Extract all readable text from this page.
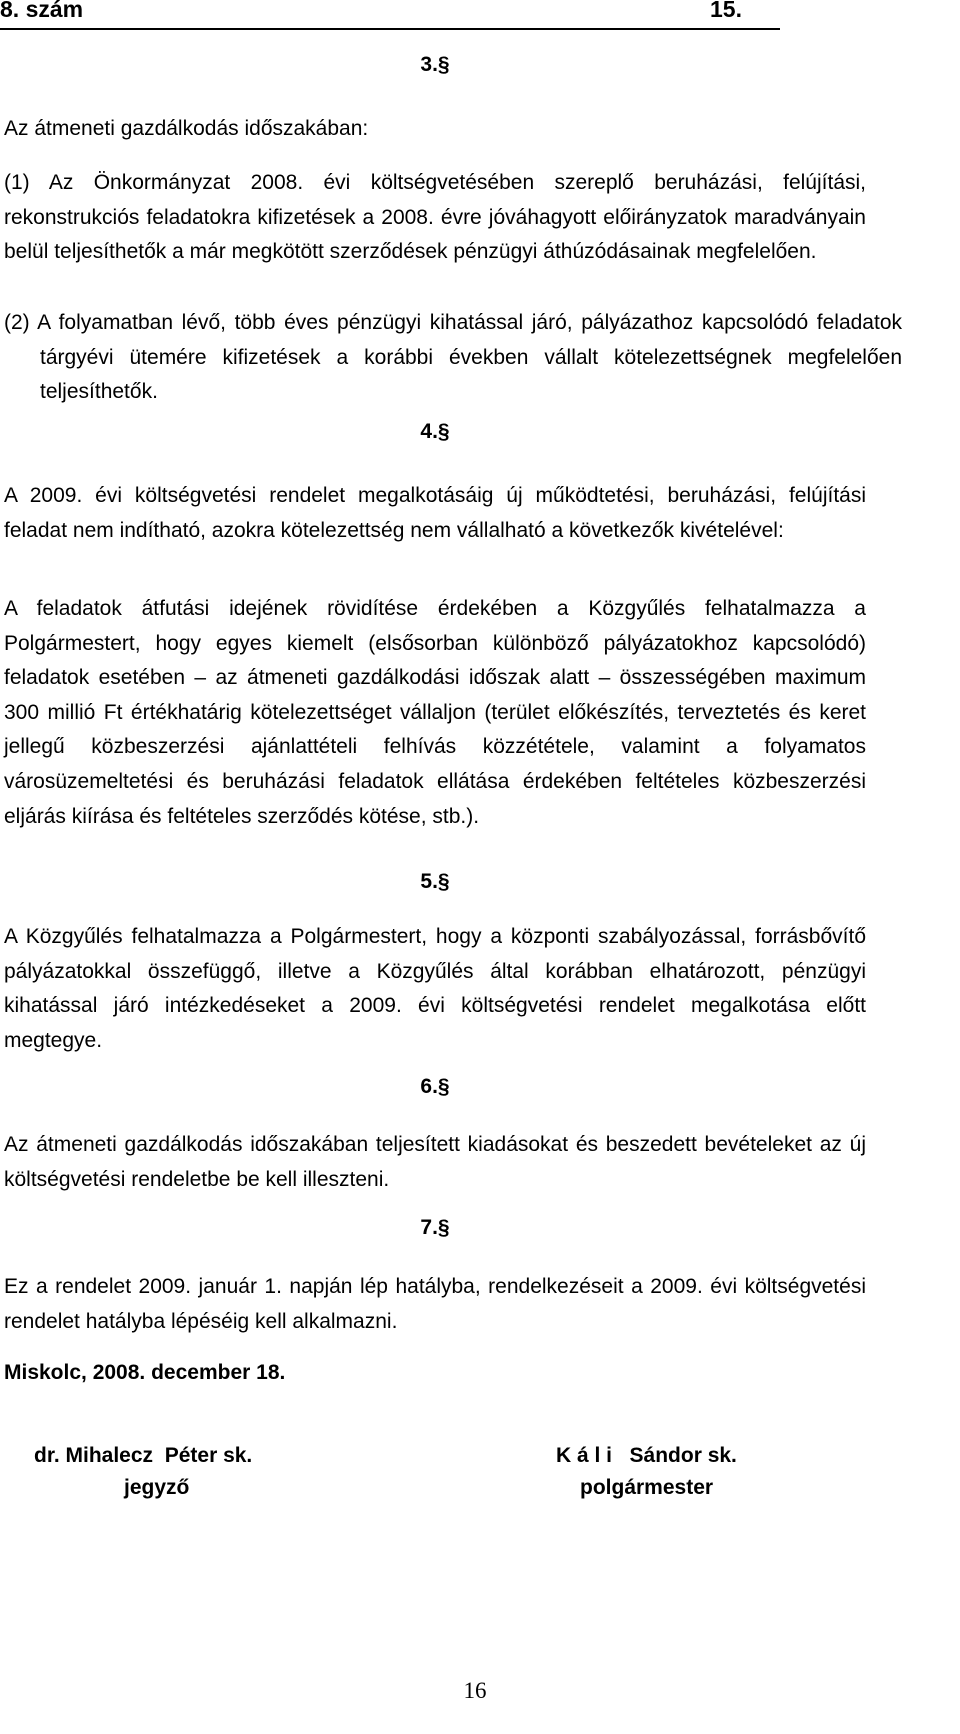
8. szám	15.
3.§
Az átmeneti gazdálkodás időszakában:
(1) Az Önkormányzat 2008. évi költségvetésében szereplő beruházási, felújítási, rekonstrukciós feladatokra kifizetések a 2008. évre jóváhagyott előirányzatok maradványain belül teljesíthetők a már megkötött szerződések pénzügyi áthúzódásainak megfelelően.
(2) A folyamatban lévő, több éves pénzügyi kihatással járó, pályázathoz kapcsolódó feladatok tárgyévi ütemére kifizetések a korábbi években vállalt kötelezettségnek megfelelően teljesíthetők.
4.§
A 2009. évi költségvetési rendelet megalkotásáig új működtetési, beruházási, felújítási feladat nem indítható, azokra kötelezettség nem vállalható a következők kivételével:
A feladatok átfutási idejének rövidítése érdekében a Közgyűlés felhatalmazza a Polgármestert, hogy egyes kiemelt (elsősorban különböző pályázatokhoz kapcsolódó) feladatok esetében – az átmeneti gazdálkodási időszak alatt – összességében maximum 300 millió Ft értékhatárig kötelezettséget vállaljon (terület előkészítés, terveztetés és keret jellegű közbeszerzési ajánlattételi felhívás közzététele, valamint a folyamatos városüzemeltetési és beruházási feladatok ellátása érdekében feltételes közbeszerzési eljárás kiírása és feltételes szerződés kötése, stb.).
5.§
A Közgyűlés felhatalmazza a Polgármestert, hogy a központi szabályozással, forrásbővítő pályázatokkal összefüggő, illetve a Közgyűlés által korábban elhatározott, pénzügyi kihatással járó intézkedéseket a 2009. évi költségvetési rendelet megalkotása előtt megtegye.
6.§
Az átmeneti gazdálkodás időszakában teljesített kiadásokat és beszedett bevételeket az új költségvetési rendeletbe be kell illeszteni.
7.§
Ez a rendelet 2009. január 1. napján lép hatályba, rendelkezéseit a 2009. évi költségvetési rendelet hatályba lépéséig kell alkalmazni.
Miskolc, 2008. december 18.
dr. Mihalecz  Péter sk.
jegyző
K á l i   Sándor sk.
polgármester
16
